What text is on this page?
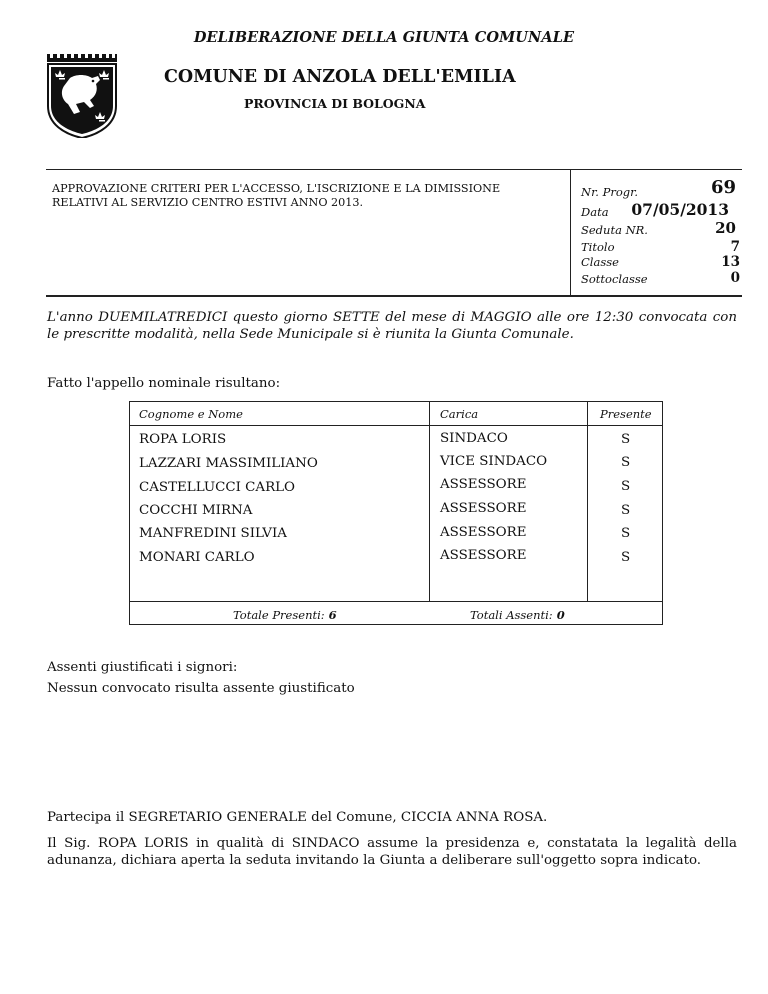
DELIBERAZIONE DELLA GIUNTA COMUNALE
COMUNE DI ANZOLA DELL'EMILIA
PROVINCIA DI BOLOGNA
APPROVAZIONE CRITERI PER L'ACCESSO, L'ISCRIZIONE E LA DIMISSIONE RELATIVI AL SERVIZIO CENTRO ESTIVI ANNO 2013.
Nr. Progr.	69
Data	07/05/2013
Seduta NR.	20
Titolo	7
Classe	13
Sottoclasse	0
L'anno DUEMILATREDICI questo giorno SETTE del mese di MAGGIO alle ore 12:30 convocata con le prescritte modalità, nella Sede Municipale si è riunita la Giunta Comunale.
Fatto l'appello nominale risultano:
Cognome e Nome	Carica	Presente
ROPA LORIS	SINDACO	S
LAZZARI MASSIMILIANO	VICE SINDACO	S
CASTELLUCCI CARLO	ASSESSORE	S
COCCHI MIRNA	ASSESSORE	S
MANFREDINI SILVIA	ASSESSORE	S
MONARI CARLO	ASSESSORE	S
Totale Presenti: 6	Totali Assenti: 0
Assenti giustificati i signori:
Nessun convocato risulta assente giustificato
Partecipa il SEGRETARIO GENERALE del Comune, CICCIA ANNA ROSA.
Il Sig. ROPA LORIS in qualità di SINDACO assume la presidenza e, constatata la legalità della adunanza, dichiara aperta la seduta invitando la Giunta a deliberare sull'oggetto sopra indicato.
